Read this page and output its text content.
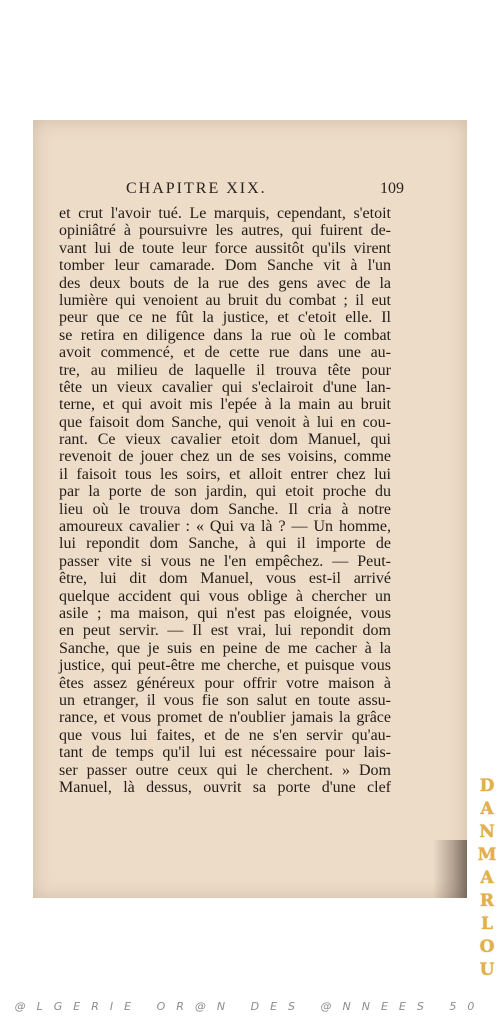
CHAPITRE XIX.	109
et crut l'avoir tué. Le marquis, cependant, s'etoit
opiniâtré à poursuivre les autres, qui fuirent de-
vant lui de toute leur force aussitôt qu'ils virent
tomber leur camarade. Dom Sanche vit à l'un
des deux bouts de la rue des gens avec de la
lumière qui venoient au bruit du combat ; il eut
peur que ce ne fût la justice, et c'etoit elle. Il
se retira en diligence dans la rue où le combat
avoit commencé, et de cette rue dans une au-
tre, au milieu de laquelle il trouva tête pour
tête un vieux cavalier qui s'eclairoit d'une lan-
terne, et qui avoit mis l'epée à la main au bruit
que faisoit dom Sanche, qui venoit à lui en cou-
rant. Ce vieux cavalier etoit dom Manuel, qui
revenoit de jouer chez un de ses voisins, comme
il faisoit tous les soirs, et alloit entrer chez lui
par la porte de son jardin, qui etoit proche du
lieu où le trouva dom Sanche. Il cria à notre
amoureux cavalier : « Qui va là ? — Un homme,
lui repondit dom Sanche, à qui il importe de
passer vite si vous ne l'en empêchez. — Peut-
être, lui dit dom Manuel, vous est-il arrivé
quelque accident qui vous oblige à chercher un
asile ; ma maison, qui n'est pas eloignée, vous
en peut servir. — Il est vrai, lui repondit dom
Sanche, que je suis en peine de me cacher à la
justice, qui peut-être me cherche, et puisque vous
êtes assez généreux pour offrir votre maison à
un etranger, il vous fie son salut en toute assu-
rance, et vous promet de n'oublier jamais la grâce
que vous lui faites, et de ne s'en servir qu'au-
tant de temps qu'il lui est nécessaire pour lais-
ser passer outre ceux qui le cherchent. » Dom
Manuel, là dessus, ouvrit sa porte d'une clef	D
A
N
M
A
R
L
O
U
@LGERIE OR@N DES @NNEES 50
